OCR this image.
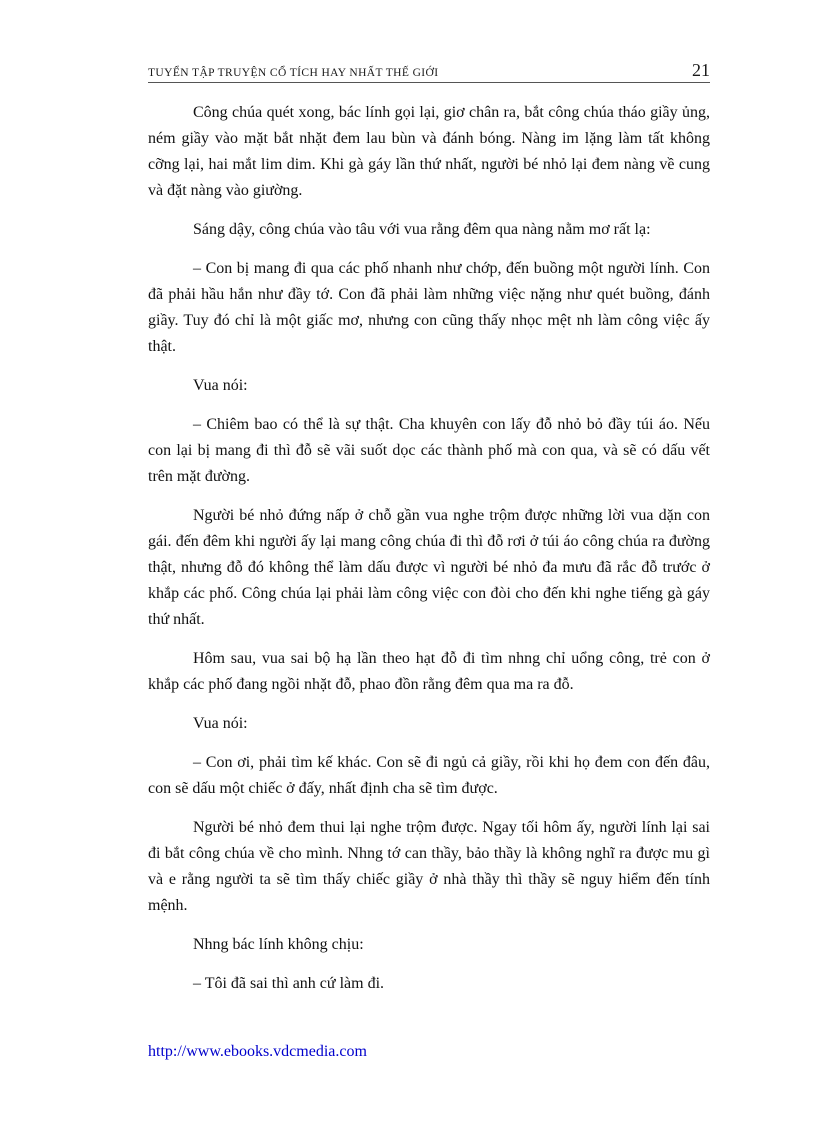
TUYỂN TẬP TRUYỆN CỔ TÍCH HAY NHẤT THẾ GIỚI	21

Công chúa quét xong, bác lính gọi lại, giơ chân ra, bắt công chúa tháo giầy ủng, ném giầy vào mặt bắt nhặt đem lau bùn và đánh bóng. Nàng im lặng làm tất không cỡng lại, hai mắt lim dim. Khi gà gáy lần thứ nhất, người bé nhỏ lại đem nàng về cung và đặt nàng vào giường.

Sáng dậy, công chúa vào tâu với vua rằng đêm qua nàng nằm mơ rất lạ:

– Con bị mang đi qua các phố nhanh như chớp, đến buồng một người lính. Con đã phải hầu hắn như đầy tớ. Con đã phải làm những việc nặng như quét buồng, đánh giầy. Tuy đó chỉ là một giấc mơ, nhưng con cũng thấy nhọc mệt nh làm công việc ấy thật.

Vua nói:

– Chiêm bao có thể là sự thật. Cha khuyên con lấy đỗ nhỏ bỏ đầy túi áo. Nếu con lại bị mang đi thì đỗ sẽ vãi suốt dọc các thành phố mà con qua, và sẽ có dấu vết trên mặt đường.

Người bé nhỏ đứng nấp ở chỗ gần vua nghe trộm được những lời vua dặn con gái. đến đêm khi người ấy lại mang công chúa đi thì đỗ rơi ở túi áo công chúa ra đường thật, nhưng đỗ đó không thể làm dấu được vì người bé nhỏ đa mưu đã rắc đỗ trước ở khắp các phố. Công chúa lại phải làm công việc con đòi cho đến khi nghe tiếng gà gáy thứ nhất.

Hôm sau, vua sai bộ hạ lần theo hạt đỗ đi tìm nhng chỉ uổng công, trẻ con ở khắp các phố đang ngồi nhặt đỗ, phao đồn rằng đêm qua ma ra đỗ.

Vua nói:

– Con ơi, phải tìm kế khác. Con sẽ đi ngủ cả giầy, rồi khi họ đem con đến đâu, con sẽ dấu một chiếc ở đấy, nhất định cha sẽ tìm được.

Người bé nhỏ đem thui lại nghe trộm được. Ngay tối hôm ấy, người lính lại sai đi bắt công chúa về cho mình. Nhng tớ can thầy, bảo thầy là không nghĩ ra được mu gì và e rằng người ta sẽ tìm thấy chiếc giầy ở nhà thầy thì thầy sẽ nguy hiểm đến tính mệnh.

Nhng bác lính không chịu:

– Tôi đã sai thì anh cứ làm đi.

http://www.ebooks.vdcmedia.com
